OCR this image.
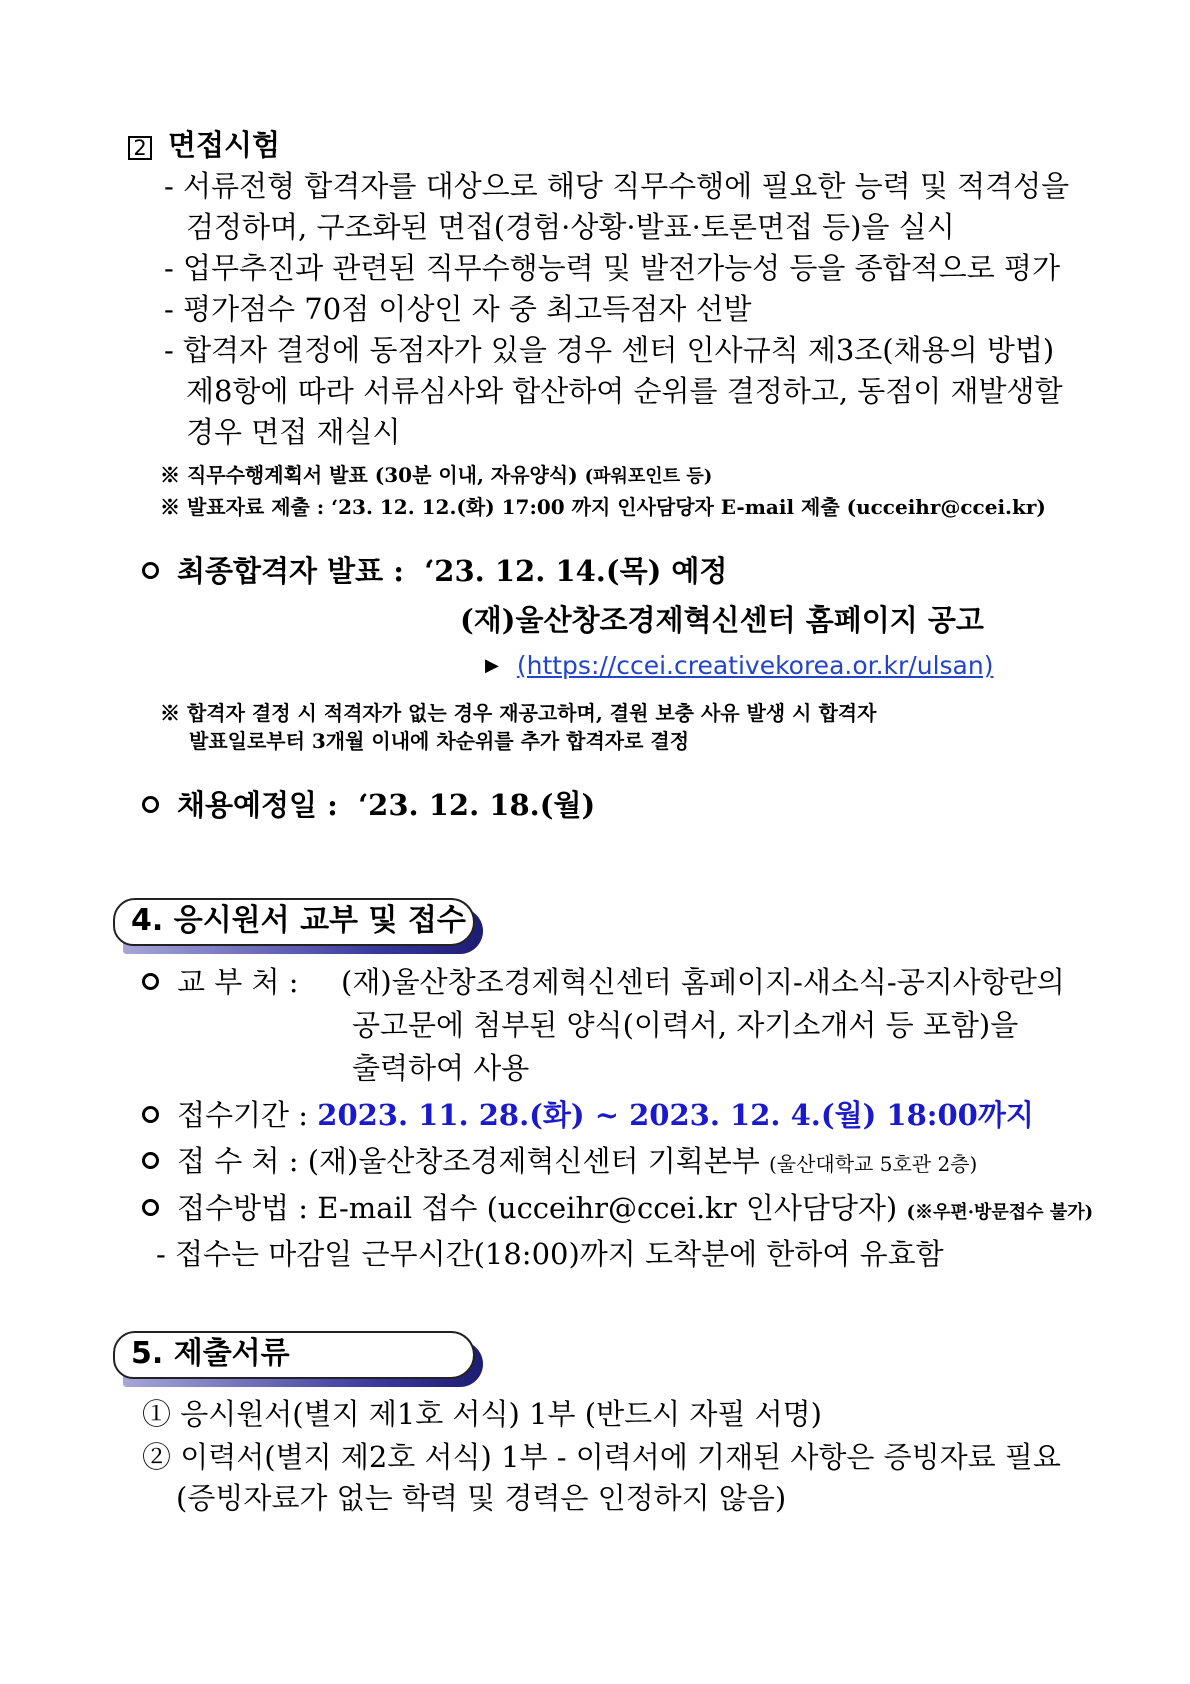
2 면접시험
- 서류전형 합격자를 대상으로 해당 직무수행에 필요한 능력 및 적격성을
검정하며, 구조화된 면접(경험·상황·발표·토론면접 등)을 실시
- 업무추진과 관련된 직무수행능력 및 발전가능성 등을 종합적으로 평가
- 평가점수 70점 이상인 자 중 최고득점자 선발
- 합격자 결정에 동점자가 있을 경우 센터 인사규칙 제3조(채용의 방법)
제8항에 따라 서류심사와 합산하여 순위를 결정하고, 동점이 재발생할
경우 면접 재실시
※ 직무수행계획서 발표 (30분 이내, 자유양식) (파워포인트 등)
※ 발표자료 제출 : ‘23. 12. 12.(화) 17:00 까지 인사담당자 E-mail 제출 (ucceihr@ccei.kr)
최종합격자 발표 : ‘23. 12. 14.(목) 예정
(재)울산창조경제혁신센터 홈페이지 공고
▶ (https://ccei.creativekorea.or.kr/ulsan)
※ 합격자 결정 시 적격자가 없는 경우 재공고하며, 결원 보충 사유 발생 시 합격자
발표일로부터 3개월 이내에 차순위를 추가 합격자로 결정
채용예정일 : ‘23. 12. 18.(월)
4. 응시원서 교부 및 접수
교 부 처 : (재)울산창조경제혁신센터 홈페이지-새소식-공지사항란의
공고문에 첨부된 양식(이력서, 자기소개서 등 포함)을
출력하여 사용
접수기간 : 2023. 11. 28.(화) ~ 2023. 12. 4.(월) 18:00까지
접 수 처 : (재)울산창조경제혁신센터 기획본부 (울산대학교 5호관 2층)
접수방법 : E-mail 접수 (ucceihr@ccei.kr 인사담당자) (※우편·방문접수 불가)
- 접수는 마감일 근무시간(18:00)까지 도착분에 한하여 유효함
5. 제출서류
① 응시원서(별지 제1호 서식) 1부 (반드시 자필 서명)
② 이력서(별지 제2호 서식) 1부 - 이력서에 기재된 사항은 증빙자료 필요
(증빙자료가 없는 학력 및 경력은 인정하지 않음)
